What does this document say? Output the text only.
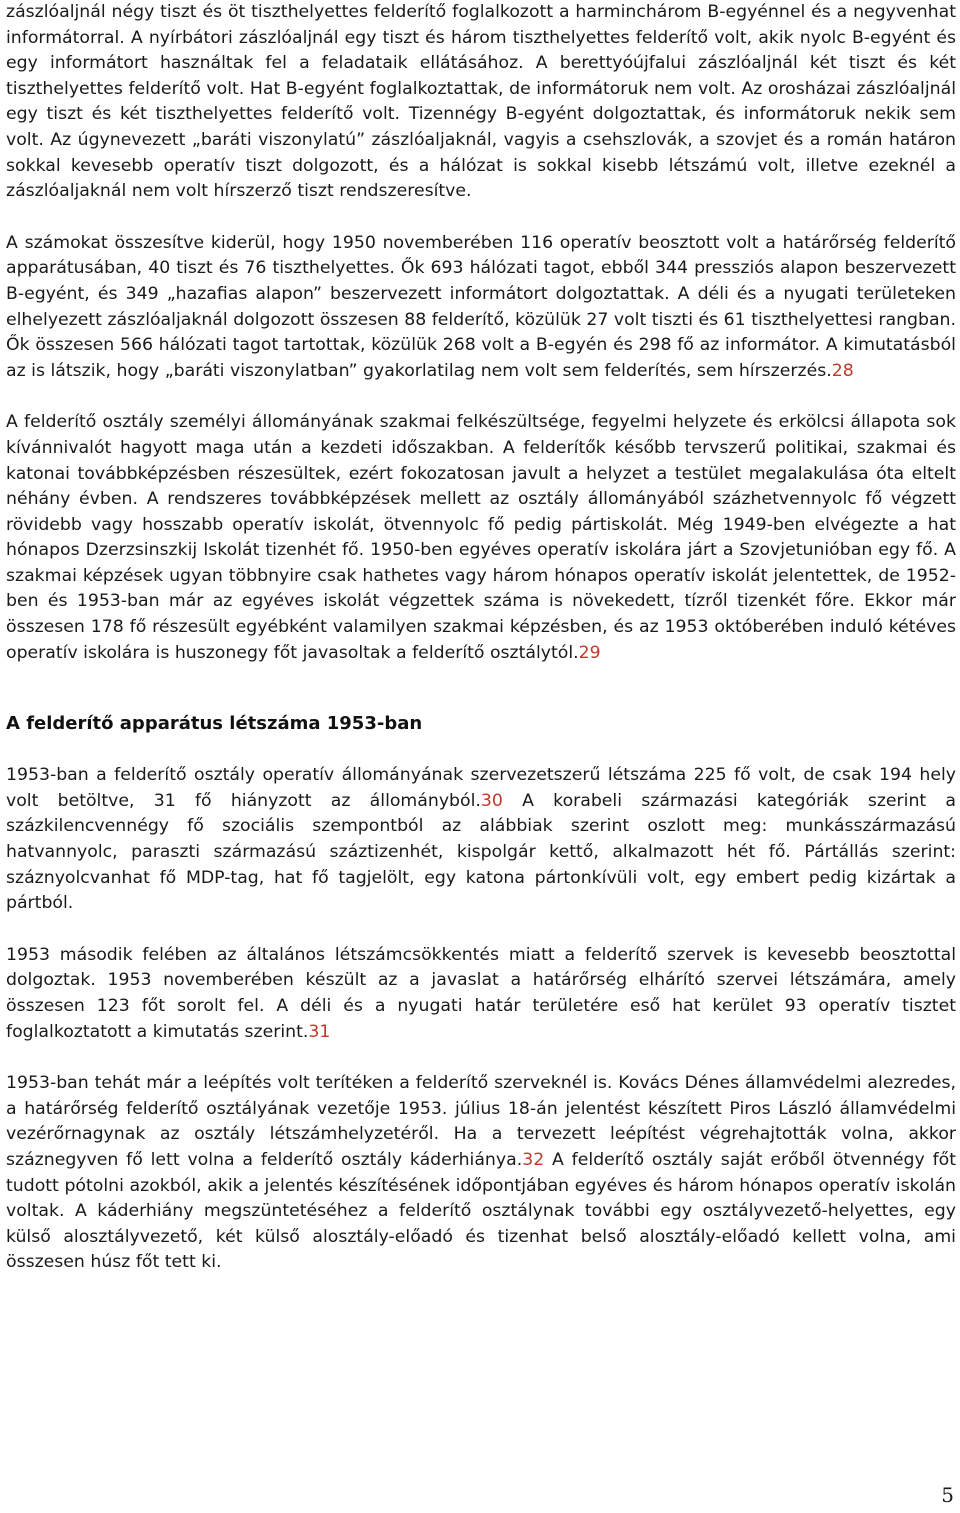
zászlóaljnál négy tiszt és öt tiszthelyettes felderítő foglalkozott a harminchárom B-egyénnel és a negyvenhat informátorral. A nyírbátori zászlóaljnál egy tiszt és három tiszthelyettes felderítő volt, akik nyolc B-egyént és egy informátort használtak fel a feladataik ellátásához. A berettyóújfalui zászlóaljnál két tiszt és két tiszthelyettes felderítő volt. Hat B-egyént foglalkoztattak, de informátoruk nem volt. Az orosházai zászlóaljnál egy tiszt és két tiszthelyettes felderítő volt. Tizennégy B-egyént dolgoztattak, és informátoruk nekik sem volt. Az úgynevezett „baráti viszonylatú” zászlóaljaknál, vagyis a csehszlovák, a szovjet és a román határon sokkal kevesebb operatív tiszt dolgozott, és a hálózat is sokkal kisebb létszámú volt, illetve ezeknél a zászlóaljaknál nem volt hírszerző tiszt rendszeresítve.

A számokat összesítve kiderül, hogy 1950 novemberében 116 operatív beosztott volt a határőrség felderítő apparátusában, 40 tiszt és 76 tiszthelyettes. Ők 693 hálózati tagot, ebből 344 pressziós alapon beszervezett B-egyént, és 349 „hazafias alapon” beszervezett informátort dolgoztattak. A déli és a nyugati területeken elhelyezett zászlóaljaknál dolgozott összesen 88 felderítő, közülük 27 volt tiszti és 61 tiszthelyettesi rangban. Ők összesen 566 hálózati tagot tartottak, közülük 268 volt a B-egyén és 298 fő az informátor. A kimutatásból az is látszik, hogy „baráti viszonylatban” gyakorlatilag nem volt sem felderítés, sem hírszerzés.28

A felderítő osztály személyi állományának szakmai felkészültsége, fegyelmi helyzete és erkölcsi állapota sok kívánnivalót hagyott maga után a kezdeti időszakban. A felderítők később tervszerű politikai, szakmai és katonai továbbképzésben részesültek, ezért fokozatosan javult a helyzet a testület megalakulása óta eltelt néhány évben. A rendszeres továbbképzések mellett az osztály állományából százhetvennyolc fő végzett rövidebb vagy hosszabb operatív iskolát, ötvennyolc fő pedig pártiskolát. Még 1949-ben elvégezte a hat hónapos Dzerzsinszkij Iskolát tizenhét fő. 1950-ben egyéves operatív iskolára járt a Szovjetunióban egy fő. A szakmai képzések ugyan többnyire csak hathetes vagy három hónapos operatív iskolát jelentettek, de 1952-ben és 1953-ban már az egyéves iskolát végzettek száma is növekedett, tízről tizenkét főre. Ekkor már összesen 178 fő részesült egyébként valamilyen szakmai képzésben, és az 1953 októberében induló kétéves operatív iskolára is huszonegy főt javasoltak a felderítő osztálytól.29

A felderítő apparátus létszáma 1953-ban

1953-ban a felderítő osztály operatív állományának szervezetszerű létszáma 225 fő volt, de csak 194 hely volt betöltve, 31 fő hiányzott az állományból.30 A korabeli származási kategóriák szerint a százkilencvennégy fő szociális szempontból az alábbiak szerint oszlott meg: munkásszármazású hatvannyolc, paraszti származású száztizenhét, kispolgár kettő, alkalmazott hét fő. Pártállás szerint: száznyolcvanhat fő MDP-tag, hat fő tagjelölt, egy katona pártonkívüli volt, egy embert pedig kizártak a pártból.

1953 második felében az általános létszámcsökkentés miatt a felderítő szervek is kevesebb beosztottal dolgoztak. 1953 novemberében készült az a javaslat a határőrség elhárító szervei létszámára, amely összesen 123 főt sorolt fel. A déli és a nyugati határ területére eső hat kerület 93 operatív tisztet foglalkoztatott a kimutatás szerint.31

1953-ban tehát már a leépítés volt terítéken a felderítő szerveknél is. Kovács Dénes államvédelmi alezredes, a határőrség felderítő osztályának vezetője 1953. július 18-án jelentést készített Piros László államvédelmi vezérőrnagynak az osztály létszámhelyzetéről. Ha a tervezett leépítést végrehajtották volna, akkor száznegyven fő lett volna a felderítő osztály káderhiánya.32 A felderítő osztály saját erőből ötvennégy főt tudott pótolni azokból, akik a jelentés készítésének időpontjában egyéves és három hónapos operatív iskolán voltak. A káderhiány megszüntetéséhez a felderítő osztálynak további egy osztályvezető-helyettes, egy külső alosztályvezető, két külső alosztály-előadó és tizenhat belső alosztály-előadó kellett volna, ami összesen húsz főt tett ki.

5
